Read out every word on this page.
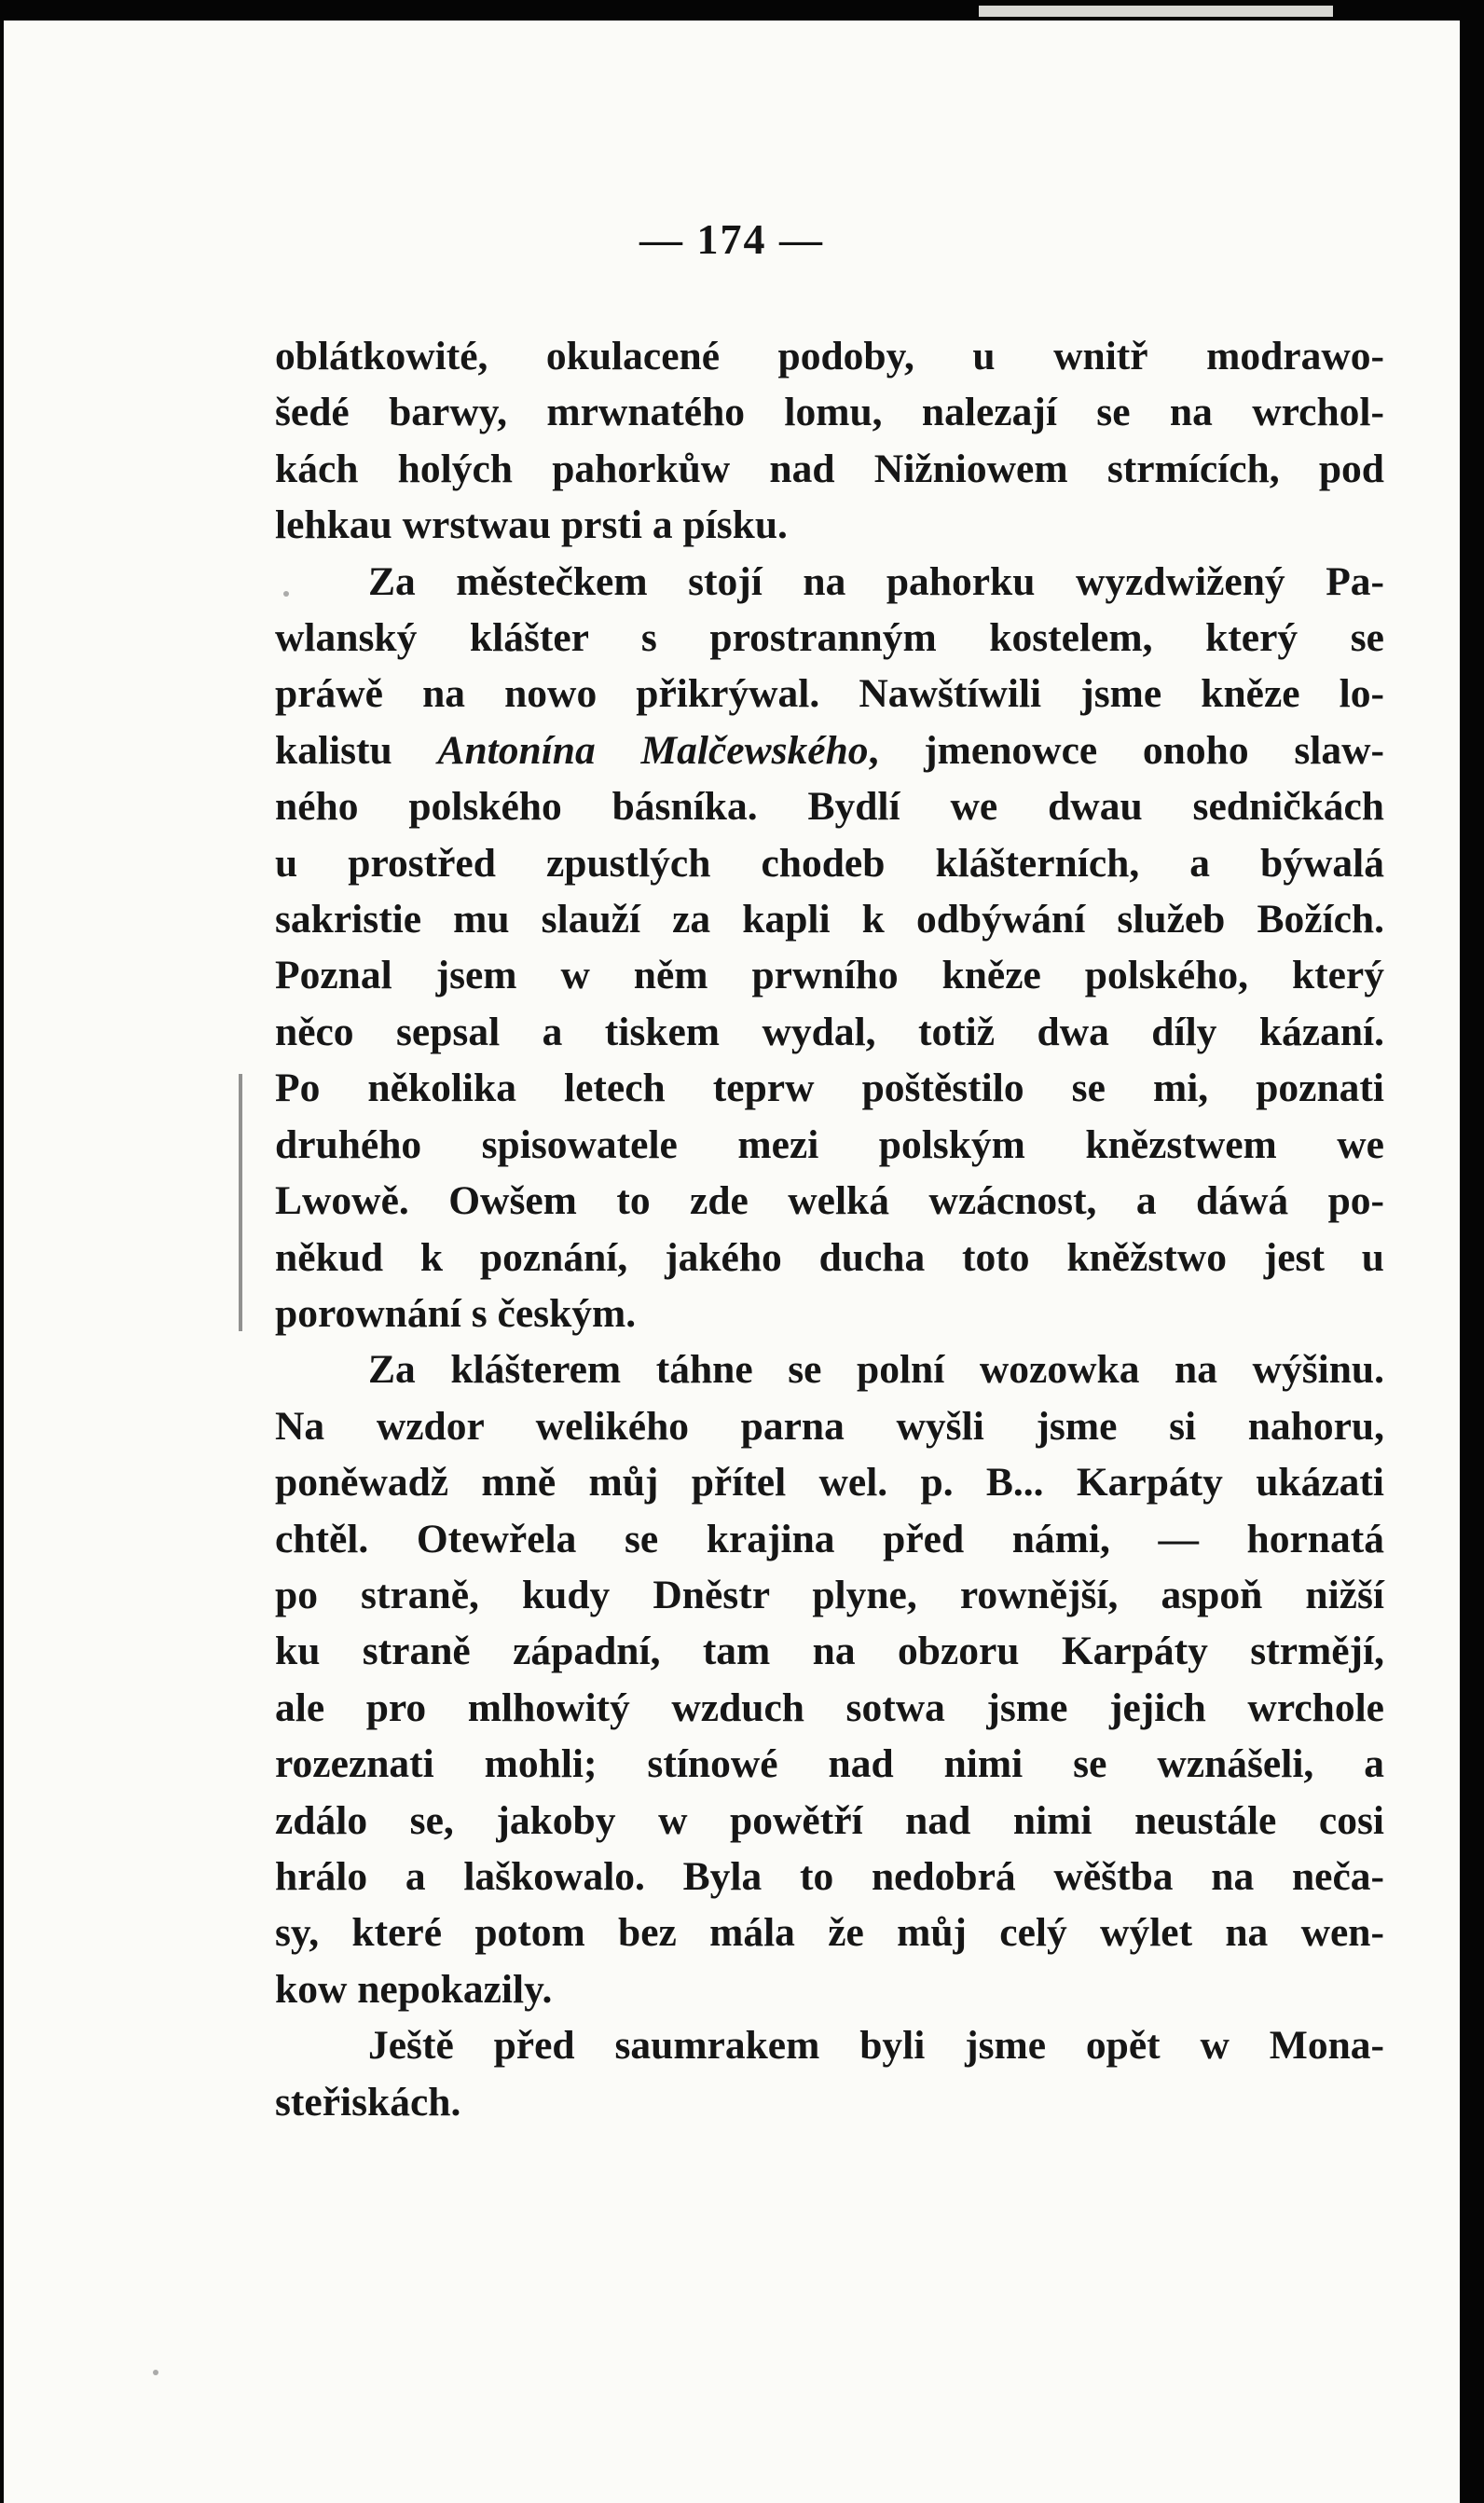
— 174 —

oblátkowité, okulacené podoby, u wnitř modrawo-
šedé barwy, mrwnatého lomu, nalezají se na wrchol-
kách holých pahorkůw nad Nižniowem strmících, pod
lehkau wrstwau prsti a písku.

Za městečkem stojí na pahorku wyzdwižený Pa-
wlanský klášter s prostranným kostelem, který se
práwě na nowo přikrýwal. Nawštíwili jsme kněze lo-
kalistu Antonína Malčewského, jmenowce onoho slaw-
ného polského básníka. Bydlí we dwau sedničkách
u prostřed zpustlých chodeb klášterních, a býwalá
sakristie mu slauží za kapli k odbýwání služeb Božích.
Poznal jsem w něm prwního kněze polského, který
něco sepsal a tiskem wydal, totiž dwa díly kázaní.
Po několika letech teprw poštěstilo se mi, poznati
druhého spisowatele mezi polským knězstwem we
Lwowě. Owšem to zde welká wzácnost, a dáwá po-
někud k poznání, jakého ducha toto kněžstwo jest u
porownání s českým.

Za klášterem táhne se polní wozowka na wýšinu.
Na wzdor welikého parna wyšli jsme si nahoru,
poněwadž mně můj přítel wel. p. B... Karpáty ukázati
chtěl. Otewřela se krajina před námi, — hornatá
po straně, kudy Dněstr plyne, rownější, aspoň nižší
ku straně západní, tam na obzoru Karpáty strmějí,
ale pro mlhowitý wzduch sotwa jsme jejich wrchole
rozeznati mohli; stínowé nad nimi se wznášeli, a
zdálo se, jakoby w powětří nad nimi neustále cosi
hrálo a laškowalo. Byla to nedobrá wěštba na neča-
sy, které potom bez mála že můj celý wýlet na wen-
kow nepokazily.

Ještě před saumrakem byli jsme opět w Mona-
steřiskách.
